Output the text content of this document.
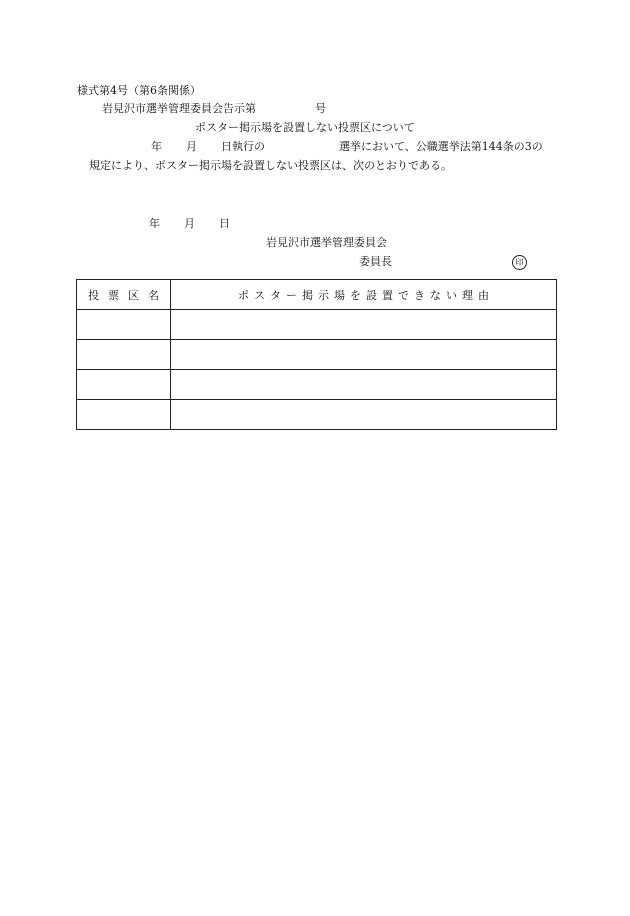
様式第4号（第6条関係）
岩見沢市選挙管理委員会告示第	号
ポスター掲示場を設置しない投票区について
年 月 日執行の	選挙において、公職選挙法第144条の3の
規定により、ポスター掲示場を設置しない投票区は、次のとおりである。
年 月 日
岩見沢市選挙管理委員会
委員長	印
投票区名	ポスター掲示場を設置できない理由
